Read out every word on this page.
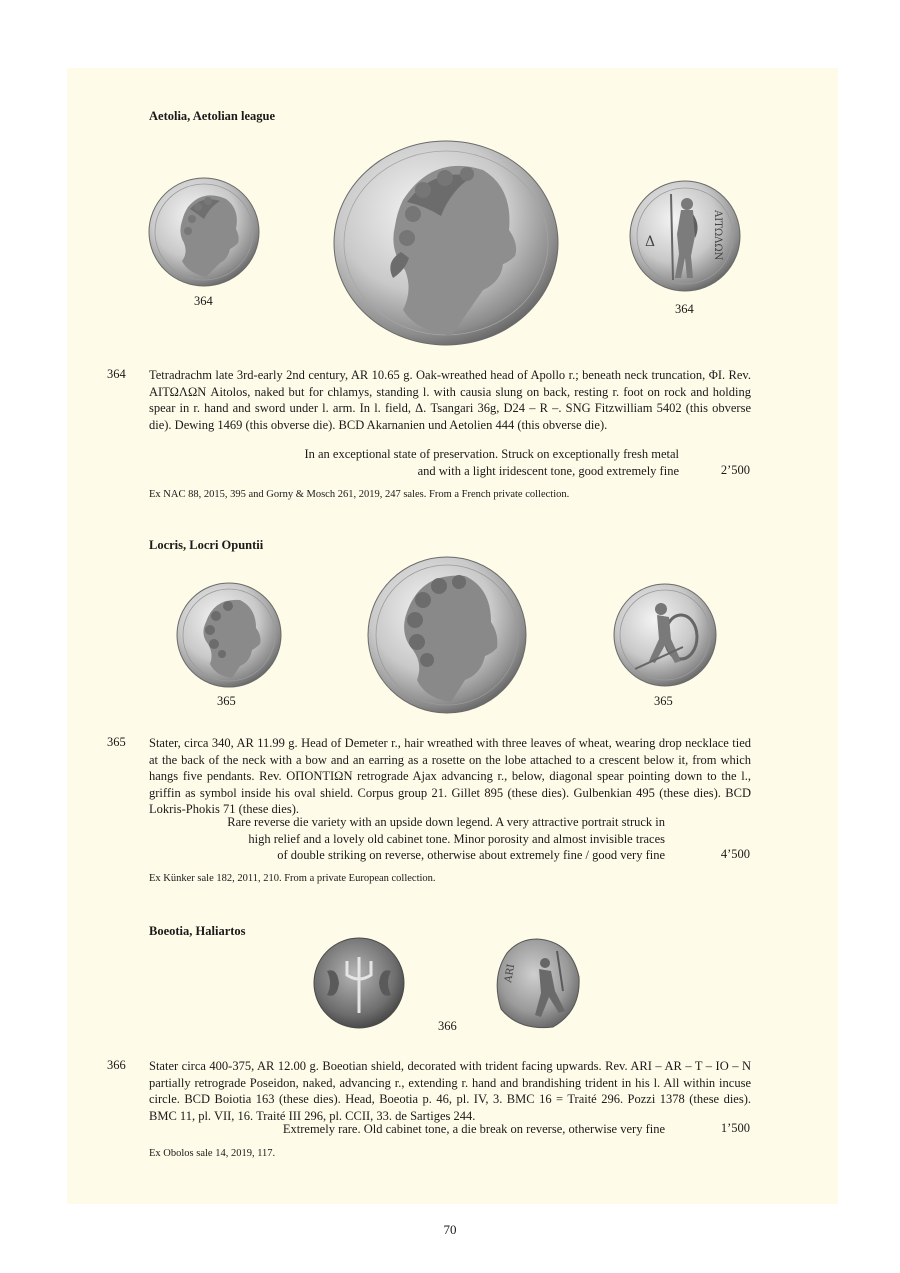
Aetolia, Aetolian league
364
Δ	ΑΙΤΩΛΩΝ
364
364 Tetradrachm late 3rd-early 2nd century, AR 10.65 g. Oak-wreathed head of Apollo r.; beneath neck truncation, ΦΙ. Rev. ΑΙΤΩΛΩΝ Aitolos, naked but for chlamys, standing l. with causia slung on back, resting r. foot on rock and holding spear in r. hand and sword under l. arm. In l. field, Δ. Tsangari 36g, D24 – R –. SNG Fitzwilliam 5402 (this obverse die). Dewing 1469 (this obverse die). BCD Akarnanien und Aetolien 444 (this obverse die).
In an exceptional state of preservation. Struck on exceptionally fresh metal
and with a light iridescent tone, good extremely fine	2’500
Ex NAC 88, 2015, 395 and Gorny & Mosch 261, 2019, 247 sales. From a French private collection.
Locris, Locri Opuntii
365	365
365 Stater, circa 340, AR 11.99 g. Head of Demeter r., hair wreathed with three leaves of wheat, wearing drop necklace tied at the back of the neck with a bow and an earring as a rosette on the lobe attached to a crescent below it, from which hangs five pendants. Rev. ΟΠΟΝΤΙΩΝ retrograde Ajax advancing r., below, diagonal spear pointing down to the l., griffin as symbol inside his oval shield. Corpus group 21. Gillet 895 (these dies). Gulbenkian 495 (these dies). BCD Lokris-Phokis 71 (these dies).
Rare reverse die variety with an upside down legend. A very attractive portrait struck in
high relief and a lovely old cabinet tone. Minor porosity and almost invisible traces
of double striking on reverse, otherwise about extremely fine / good very fine	4’500
Ex Künker sale 182, 2011, 210. From a private European collection.
Boeotia, Haliartos
ARI
366
366 Stater circa 400-375, AR 12.00 g. Boeotian shield, decorated with trident facing upwards. Rev. ARI – AR – T – IO – N partially retrograde Poseidon, naked, advancing r., extending r. hand and brandishing trident in his l. All within incuse circle. BCD Boiotia 163 (these dies). Head, Boeotia p. 46, pl. IV, 3. BMC 16 = Traité 296. Pozzi 1378 (these dies). BMC 11, pl. VII, 16. Traité III 296, pl. CCII, 33. de Sartiges 244.
Extremely rare. Old cabinet tone, a die break on reverse, otherwise very fine	1’500
Ex Obolos sale 14, 2019, 117.
70
